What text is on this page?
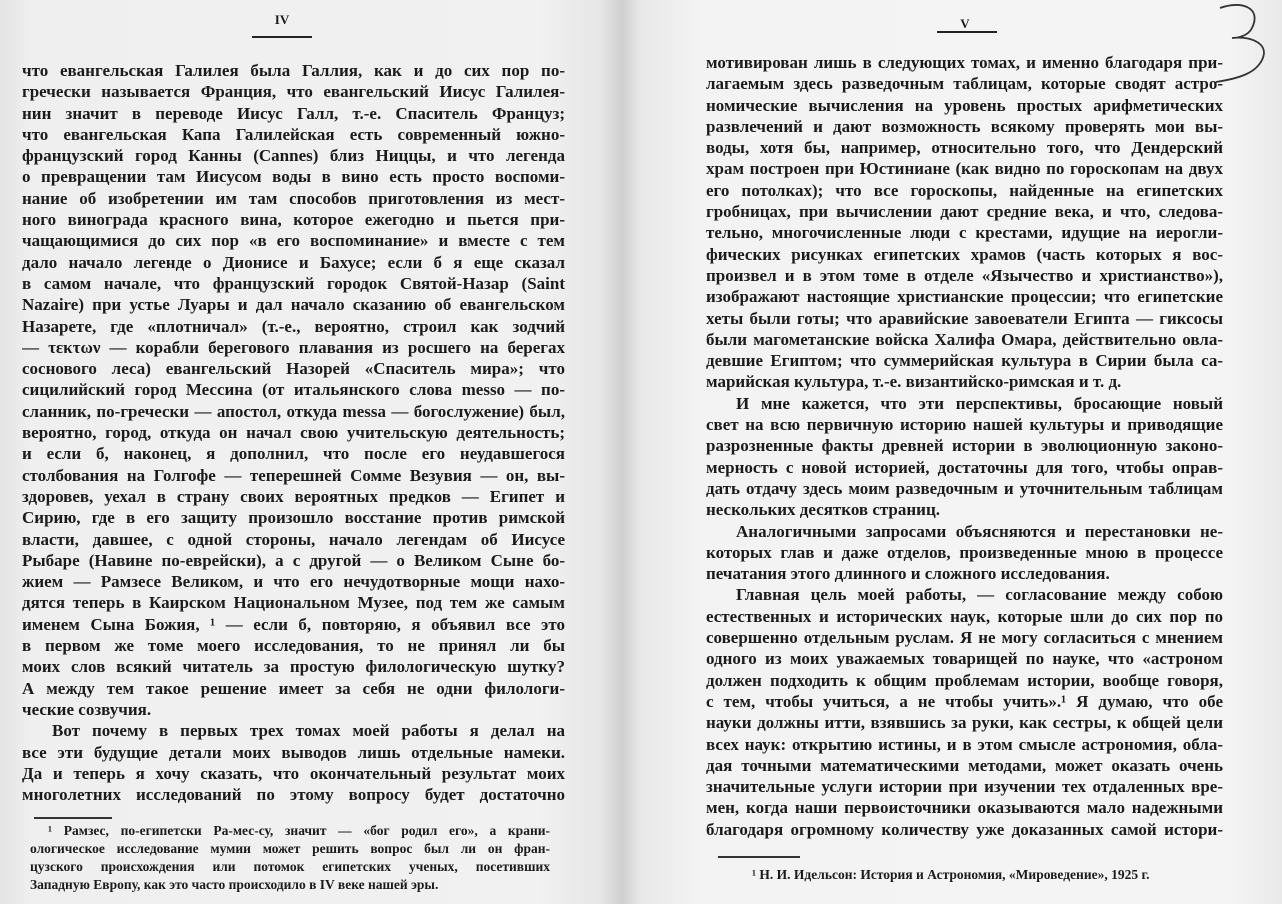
IV
что евангельская Галилея была Галлия, как и до сих пор по-
гречески называется Франция, что евангельский Иисус Галилея-
нин значит в переводе Иисус Галл, т.-е. Спаситель Француз;
что евангельская Капа Галилейская есть современный южно-
французский город Канны (Cannes) близ Ниццы, и что легенда
о превращении там Иисусом воды в вино есть просто воспоми-
нание об изобретении им там способов приготовления из мест-
ного винограда красного вина, которое ежегодно и пьется при-
чащающимися до сих пор «в его воспоминание» и вместе с тем
дало начало легенде о Дионисе и Бахусе; если б я еще сказал
в самом начале, что французский городок Святой-Назар (Saint
Nazaire) при устье Луары и дал начало сказанию об евангельском
Назарете, где «плотничал» (т.-е., вероятно, строил как зодчий
— τεκτων — корабли берегового плавания из росшего на берегах
соснового леса) евангельский Назорей «Спаситель мира»; что
сицилийский город Мессина (от итальянского слова messo — по-
сланник, по-гречески — апостол, откуда messa — богослужение) был,
вероятно, город, откуда он начал свою учительскую деятельность;
и если б, наконец, я дополнил, что после его неудавшегося
столбования на Голгофе — теперешней Сомме Везувия — он, вы-
здоровев, уехал в страну своих вероятных предков — Египет и
Сирию, где в его защиту произошло восстание против римской
власти, давшее, с одной стороны, начало легендам об Иисусе
Рыбаре (Навине по-еврейски), а с другой — о Великом Сыне бо-
жием — Рамзесе Великом, и что его нечудотворные мощи нахо-
дятся теперь в Каирском Национальном Музее, под тем же самым
именем Сына Божия, ¹ — если б, повторяю, я объявил все это
в первом же томе моего исследования, то не принял ли бы
моих слов всякий читатель за простую филологическую шутку?
А между тем такое решение имеет за себя не одни филологи-
ческие созвучия.
Вот почему в первых трех томах моей работы я делал на
все эти будущие детали моих выводов лишь отдельные намеки.
Да и теперь я хочу сказать, что окончательный результат моих
многолетних исследований по этому вопросу будет достаточно
¹ Рамзес, по-египетски Ра-мес-су, значит — «бог родил его», а крани-
ологическое исследование мумии может решить вопрос был ли он фран-
цузского происхождения или потомок египетских ученых, посетивших
Западную Европу, как это часто происходило в IV веке нашей эры.
V
мотивирован лишь в следующих томах, и именно благодаря при-
лагаемым здесь разведочным таблицам, которые сводят астро-
номические вычисления на уровень простых арифметических
развлечений и дают возможность всякому проверять мои вы-
воды, хотя бы, например, относительно того, что Дендерский
храм построен при Юстиниане (как видно по гороскопам на двух
его потолках); что все гороскопы, найденные на египетских
гробницах, при вычислении дают средние века, и что, следова-
тельно, многочисленные люди с крестами, идущие на иерогли-
фических рисунках египетских храмов (часть которых я вос-
произвел и в этом томе в отделе «Язычество и христианство»),
изображают настоящие христианские процессии; что египетские
хеты были готы; что аравийские завоеватели Египта — гиксосы
были магометанские войска Халифа Омара, действительно овла-
девшие Египтом; что суммерийская культура в Сирии была са-
марийская культура, т.-е. византийско-римская и т. д.
И мне кажется, что эти перспективы, бросающие новый
свет на всю первичную историю нашей культуры и приводящие
разрозненные факты древней истории в эволюционную законо-
мерность с новой историей, достаточны для того, чтобы оправ-
дать отдачу здесь моим разведочным и уточнительным таблицам
нескольких десятков страниц.
Аналогичными запросами объясняются и перестановки не-
которых глав и даже отделов, произведенные мною в процессе
печатания этого длинного и сложного исследования.
Главная цель моей работы, — согласование между собою
естественных и исторических наук, которые шли до сих пор по
совершенно отдельным руслам. Я не могу согласиться с мнением
одного из моих уважаемых товарищей по науке, что «астроном
должен подходить к общим проблемам истории, вообще говоря,
с тем, чтобы учиться, а не чтобы учить».¹ Я думаю, что обе
науки должны итти, взявшись за руки, как сестры, к общей цели
всех наук: открытию истины, и в этом смысле астрономия, обла-
дая точными математическими методами, может оказать очень
значительные услуги истории при изучении тех отдаленных вре-
мен, когда наши первоисточники оказываются мало надежными
благодаря огромному количеству уже доказанных самой истори-
¹ Н. И. Идельсон: История и Астрономия, «Мироведение», 1925 г.
